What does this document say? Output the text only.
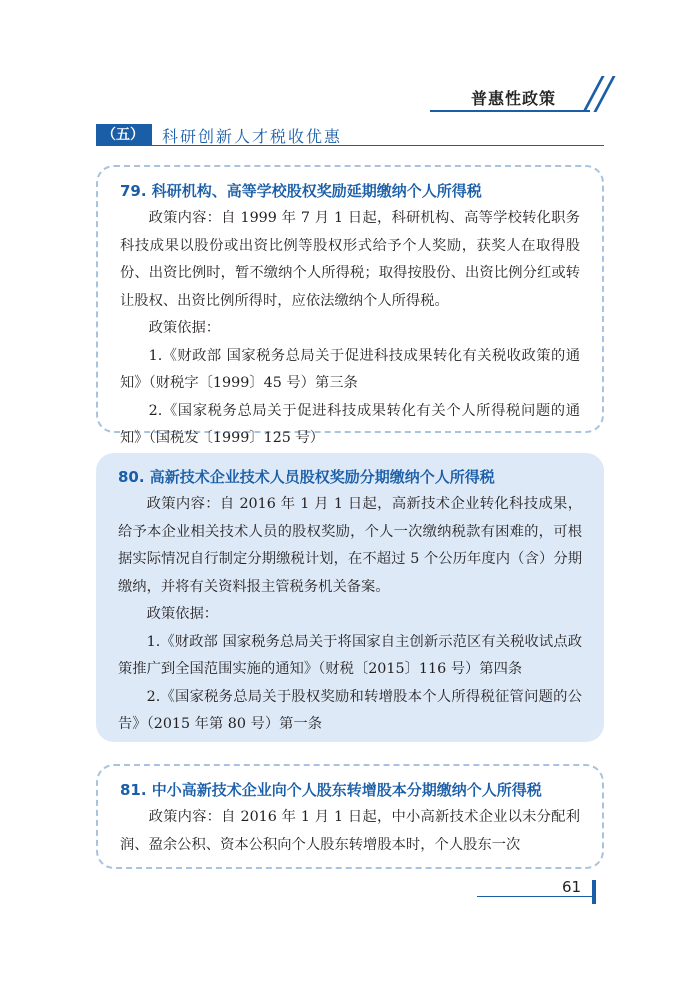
普惠性政策
（五）	科研创新人才税收优惠
79. 科研机构、高等学校股权奖励延期缴纳个人所得税

政策内容：自 1999 年 7 月 1 日起，科研机构、高等学校转化职务科技成果以股份或出资比例等股权形式给予个人奖励，获奖人在取得股份、出资比例时，暂不缴纳个人所得税；取得按股份、出资比例分红或转让股权、出资比例所得时，应依法缴纳个人所得税。

政策依据：

1.《财政部 国家税务总局关于促进科技成果转化有关税收政策的通知》（财税字〔1999〕45 号）第三条

2.《国家税务总局关于促进科技成果转化有关个人所得税问题的通知》（国税发〔1999〕125 号）

80. 高新技术企业技术人员股权奖励分期缴纳个人所得税

政策内容：自 2016 年 1 月 1 日起，高新技术企业转化科技成果，给予本企业相关技术人员的股权奖励，个人一次缴纳税款有困难的，可根据实际情况自行制定分期缴税计划，在不超过 5 个公历年度内（含）分期缴纳，并将有关资料报主管税务机关备案。

政策依据：

1.《财政部 国家税务总局关于将国家自主创新示范区有关税收试点政策推广到全国范围实施的通知》（财税〔2015〕116 号）第四条

2.《国家税务总局关于股权奖励和转增股本个人所得税征管问题的公告》（2015 年第 80 号）第一条

81. 中小高新技术企业向个人股东转增股本分期缴纳个人所得税

政策内容：自 2016 年 1 月 1 日起，中小高新技术企业以未分配利润、盈余公积、资本公积向个人股东转增股本时，个人股东一次

61
